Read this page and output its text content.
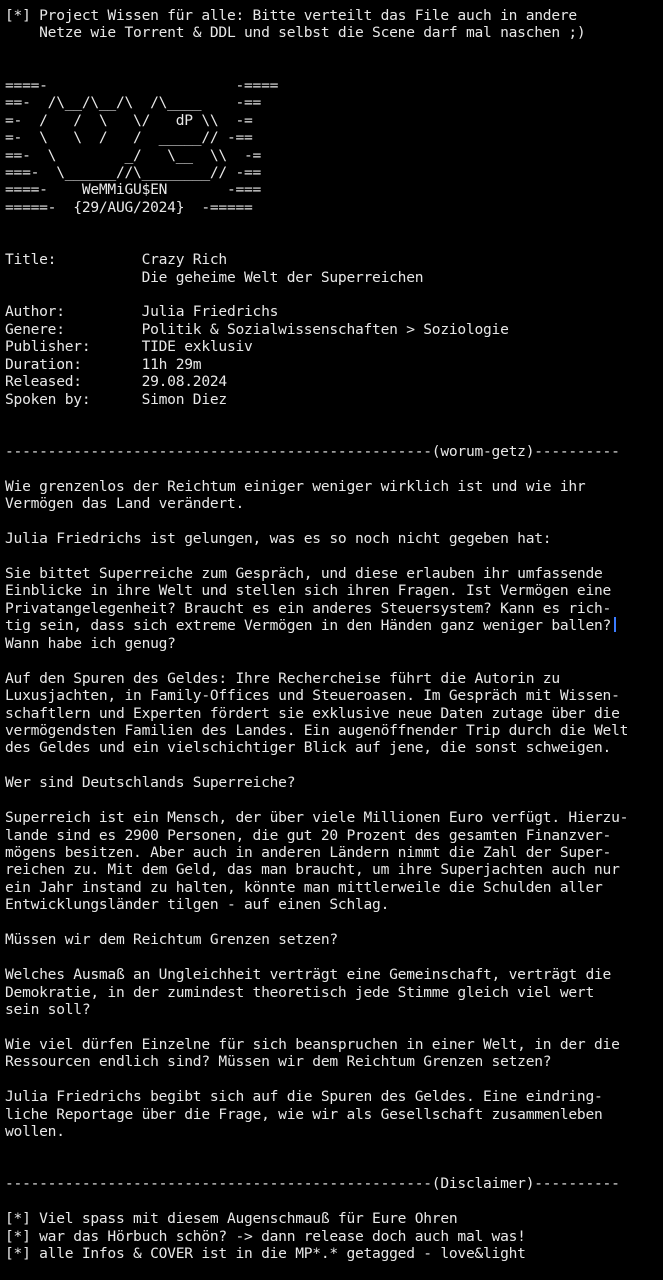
[*] Project Wissen für alle: Bitte verteilt das File auch in andere
Netze wie Torrent & DDL und selbst die Scene darf mal naschen ;)
====-                      -====
==-  /\__/\__/\  /\____    -==
=-  /   /  \   \/   dP \\  -=
=-  \   \  /   /  _____// -==
==-  \        _/   \__  \\  -=
===-  \______//\________// -==
====-    WeMMiGU$EN       -===
=====-  {29/AUG/2024}  -=====
Title:          Crazy Rich
Die geheime Welt der Superreichen
Author:         Julia Friedrichs
Genere:         Politik & Sozialwissenschaften > Soziologie
Publisher:      TIDE exklusiv
Duration:       11h 29m
Released:       29.08.2024
Spoken by:      Simon Diez
--------------------------------------------------(worum-getz)----------
Wie grenzenlos der Reichtum einiger weniger wirklich ist und wie ihr
Vermögen das Land verändert.
Julia Friedrichs ist gelungen, was es so noch nicht gegeben hat:
Sie bittet Superreiche zum Gespräch, und diese erlauben ihr umfassende
Einblicke in ihre Welt und stellen sich ihren Fragen. Ist Vermögen eine
Privatangelegenheit? Braucht es ein anderes Steuersystem? Kann es rich-
tig sein, dass sich extreme Vermögen in den Händen ganz weniger ballen?
Wann habe ich genug?
Auf den Spuren des Geldes: Ihre Rechercheise führt die Autorin zu
Luxusjachten, in Family-Offices und Steueroasen. Im Gespräch mit Wissen-
schaftlern und Experten fördert sie exklusive neue Daten zutage über die
vermögendsten Familien des Landes. Ein augenöffnender Trip durch die Welt
des Geldes und ein vielschichtiger Blick auf jene, die sonst schweigen.
Wer sind Deutschlands Superreiche?
Superreich ist ein Mensch, der über viele Millionen Euro verfügt. Hierzu-
lande sind es 2900 Personen, die gut 20 Prozent des gesamten Finanzver-
mögens besitzen. Aber auch in anderen Ländern nimmt die Zahl der Super-
reichen zu. Mit dem Geld, das man braucht, um ihre Superjachten auch nur
ein Jahr instand zu halten, könnte man mittlerweile die Schulden aller
Entwicklungsländer tilgen - auf einen Schlag.
Müssen wir dem Reichtum Grenzen setzen?
Welches Ausmaß an Ungleichheit verträgt eine Gemeinschaft, verträgt die
Demokratie, in der zumindest theoretisch jede Stimme gleich viel wert
sein soll?
Wie viel dürfen Einzelne für sich beanspruchen in einer Welt, in der die
Ressourcen endlich sind? Müssen wir dem Reichtum Grenzen setzen?
Julia Friedrichs begibt sich auf die Spuren des Geldes. Eine eindring-
liche Reportage über die Frage, wie wir als Gesellschaft zusammenleben
wollen.
--------------------------------------------------(Disclaimer)----------
[*] Viel spass mit diesem Augenschmauß für Eure Ohren
[*] war das Hörbuch schön? -> dann release doch auch mal was!
[*] alle Infos & COVER ist in die MP*.* getagged - love&light
